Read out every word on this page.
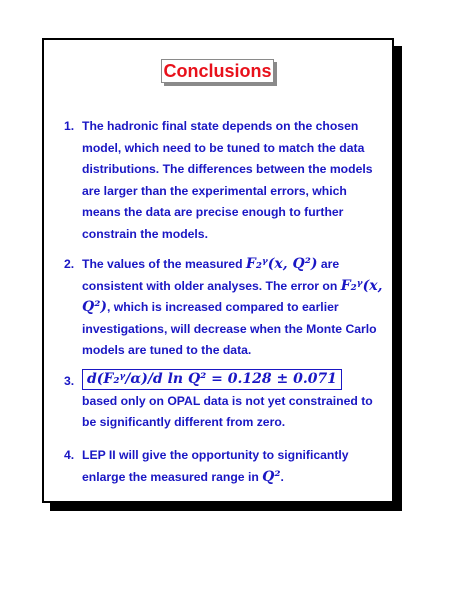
Conclusions
1. The hadronic final state depends on the chosen model, which need to be tuned to match the data distributions. The differences between the models are larger than the experimental errors, which means the data are precise enough to further constrain the models.
2. The values of the measured F₂ᵞ(x, Q²) are consistent with older analyses. The error on F₂ᵞ(x, Q²), which is increased compared to earlier investigations, will decrease when the Monte Carlo models are tuned to the data.
3. d(F₂ᵞ/α)/d ln Q² = 0.128 ± 0.071
based only on OPAL data is not yet constrained to be significantly different from zero.
4. LEP II will give the opportunity to significantly enlarge the measured range in Q².
